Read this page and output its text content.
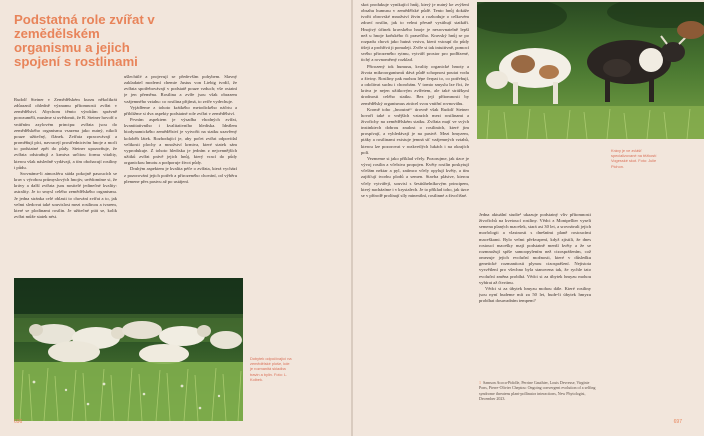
Podstatná role zvířat v zemědělském organismu a jejich spojení s rostlinami

Rudolf Steiner v Zemědělském kurzu několikrát zdůraznil ohledně významu přítomnosti zvířat v zemědělství. Abychom těmto výrokům správně porozuměli, musíme si uvědomit, že R. Steiner hovoří o vnitřním azylovém principu: zvířata jsou do zemědělského organismu vsazena jako nutný, nikoli pouze užitečný, článek. Zvířata zpracovávají a proměňují píci, navracejí prostřednictvím hnoje a moči to podstatné zpět do půdy. Steiner upozorňuje, že zvířata odstraňují z krmiva určitou formu vitality, kterou však následně vydávají, a tím obohacují rostliny i půdu.

Srovnáme-li atmosféru stáda pokojně pasoucích se krav s výrobou průmyslových hnojiv, uvědomíme si, že krávy a další zvířata jsou nositelé jedinečné kvality: astrality. Je to smysl celého zemědělského organismu. Je jedna stránka celé oblasti to chování zvířat a to, jak velmi sledovat také souvislost mezi rostlinou a tvarem, které se plodinami rostlin. Je užitečné ptát se, kolik zvířat může statek nést.

ušlechtilé a projevují se především pohybem. Slavný zakladatel moderní chemie Justus von Liebig tvrdil, že zvířata spotřebovávají v podstatě pouze vzduch; vše ostatní je jen přeměna. Rostlina a zvíře jsou však obrazem vzájemného vztahu: co rostlina přijímá, to zvíře vydechuje.

Vyjádřeme z tohoto krátkého metodického náčrtu a přibližme si dva aspekty podstatné role zvířat v zemědělství.

Prvním aspektem je výsadba vhodných zvířat, kvantitativního i kvalitativního hlediska. Ideálem biodynamického zemědělství je vytvořit na statku uzavřený koloběh látek. Rozhodující je, aby počet zvířat odpovídal velikosti plochy a množství krmiva, které statek sám vyprodukuje. Z tohoto hlediska je jedním z nejcennějších užitků zvířat právě jejich hnůj, který vrací do půdy organickou hmotu a podporuje život půdy.

Druhým aspektem je kvalita péče o zvířata, která vychází z pozorování jejich potřeb a přirozeného chování, od výběru plemene přes pastvu až po ustájení.

Dobytek odpočívající na zemědělské ploše, kde je rozmanitá skladba travin a bylin. Foto: L. Kolbek.
696

skot produkuje vynikající hnůj, který je nutný ke zvýšení obsahu humusu v zemědělské půdě. Tento hnůj dokáže tvořit obrovské množství živin a rozhoduje o celkovém zdraví rostlin, jak to velmi přesně vystihují statkáři. Hnojivý účinek kravského hnoje je nesrovnatelně lepší než u hnoje koňského či prasečího. Kravský hnůj se po rozpadu chová jako hutná vrstva, která vstoupí do půdy tišeji a prohřívá ji pomaleji. Zvíře si tak intuitivně, pomocí svého přirozeného rytmu, vytváří prostor pro podřízené, tichý a rovnoměrný rozklad.

Přirozený tok humusu, kvality organické hmoty a života mikroorganismů dává půdě schopnost poutat vodu a živiny. Rostliny pak mohou lépe čerpat to, co potřebují, a odolávat suchu i chorobám. V tomto smyslu lze říci, že kráva je nejen užitkovým zvířetem, ale také strážkyní úrodnosti celého statku. Bez její přítomnosti by zemědělský organismus ztrácel svou vnitřní rovnováhu.

Kromě toho ,,hnoutné‘‘ úrovně však Rudolf Steiner hovoří také o vnějších vztazích mezi rostlinami a živočichy na zemědělském statku. Zvířata mají ve svých instinktech dobrou znalost o rostlinách, které jim prospívají, a vyhledávají je na pastvě. Mezi hmyzem, ptáky a rostlinami existuje jemná síť vzájemných vztahů, kterou lze pozorovat v rozkvetlých lukách i na okrajích polí.

Vezmeme si jako příklad včely. Pozorujme, jak úzce je vývoj rostlin a včelstva propojen. Květy rostlin poskytují včelám nektar a pyl, zatímco včely opylují květy, a tím zajišťují tvorbu plodů a semen. Stavba plástve, kterou včely vytvářejí, souvisí s šestiúhelníkovým principem, který nacházíme i v krystalech. Je to příklad toho, jak úzce se v přírodě prolínají síly minerální, rostlinné a živočišné.

Krávy je ve zvlášť specializované na těžkostí Vogesské skot. Foto: Julie Pichon.

Jedna aktuální studie¹ ukazuje podstatný vliv přítomnosti živočichů na kvetoucí rostliny. Vědci z Montpellier vyseli semena planých macešek, stará asi 30 let, a srovnávali jejich morfologii a vlastnosti s dnešními planě rostoucími maceškami. Bylo velmi překvapení, když zjistili, že dnes rostoucí macešky mají podstatně menší květy a že se rozmnožují spíše samoopylením než cizosprášením, což omezuje jejich evoluční možnosti, které v důsledku genetické rozmanitosti plynou cizosprášení. Nejistota vysvětlení pro všechno byla stanovena tak, že rychle tato evoluční změna probíhá. Vědci si za úbytek hmyzu mohou vybírat až čtvrtinu.

Vědci si za úbytek hmyzu mohou dále. Které rostliny jsou nyní budeme mít za 50 let, bude-li úbytek hmyzu probíhat dosavadním tempem?

1 Samson Acoca-Pidolle, Perrine Gauthier, Louis Devresse, Virgínie Pons, Pierre-Olivier Cheptou: Ongoing convergent evolution of a selfing syndrome threatens plant-pollinator interactions, New Phytologist, December 2023.
697
